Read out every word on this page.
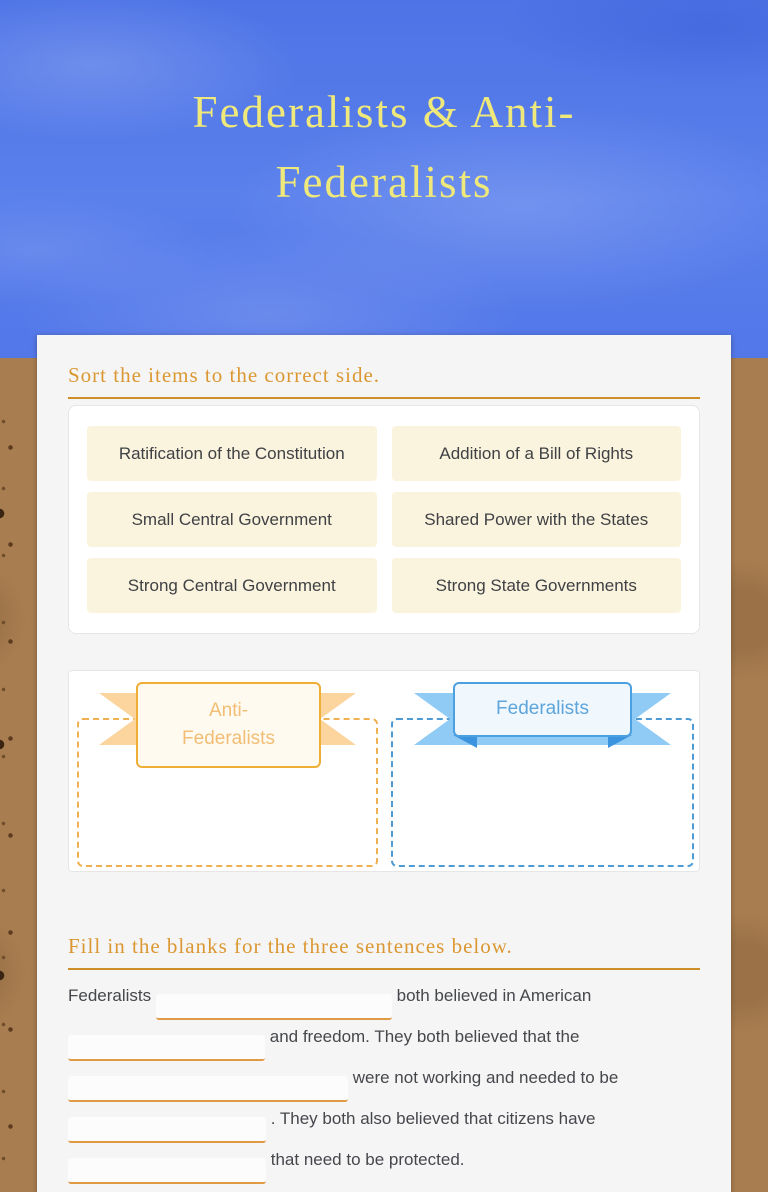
Federalists & Anti-Federalists
Sort the items to the correct side.
Ratification of the Constitution	Addition of a Bill of Rights
Small Central Government	Shared Power with the States
Strong Central Government	Strong State Governments
Anti-Federalists
Federalists
Fill in the blanks for the three sentences below.

Federalists	both believed in American  and freedom. They both believed that the  were not working and needed to be  . They both also believed that citizens have  that need to be protected.
